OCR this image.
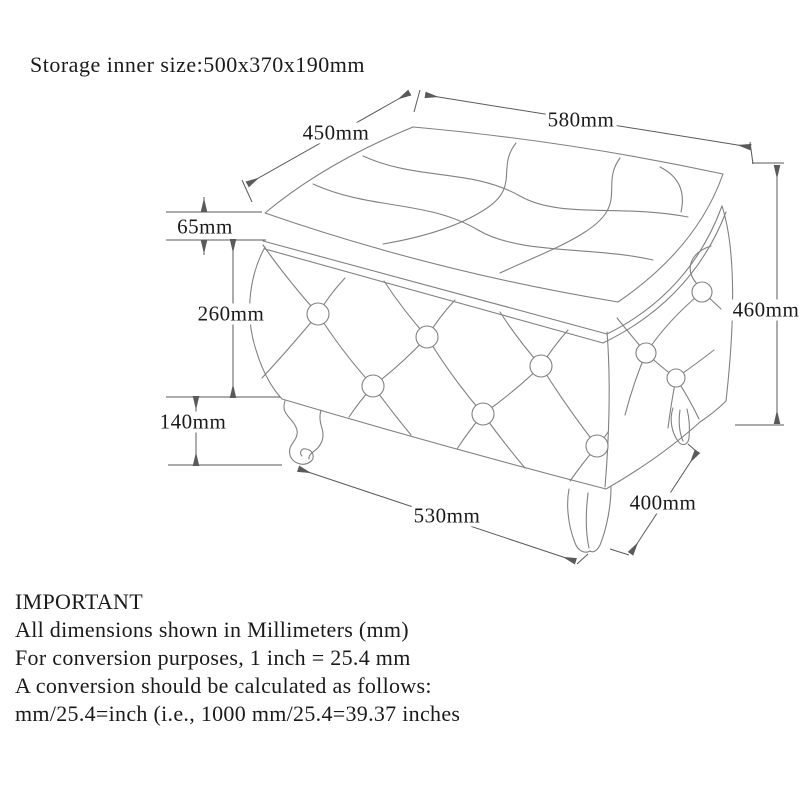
Storage inner size:500x370x190mm
450mm
580mm
65mm
260mm
140mm
460mm
530mm
400mm
IMPORTANT
All dimensions shown in Millimeters (mm)
For conversion purposes, 1 inch = 25.4 mm
A conversion should be calculated as follows:
mm/25.4=inch (i.e., 1000 mm/25.4=39.37 inches
